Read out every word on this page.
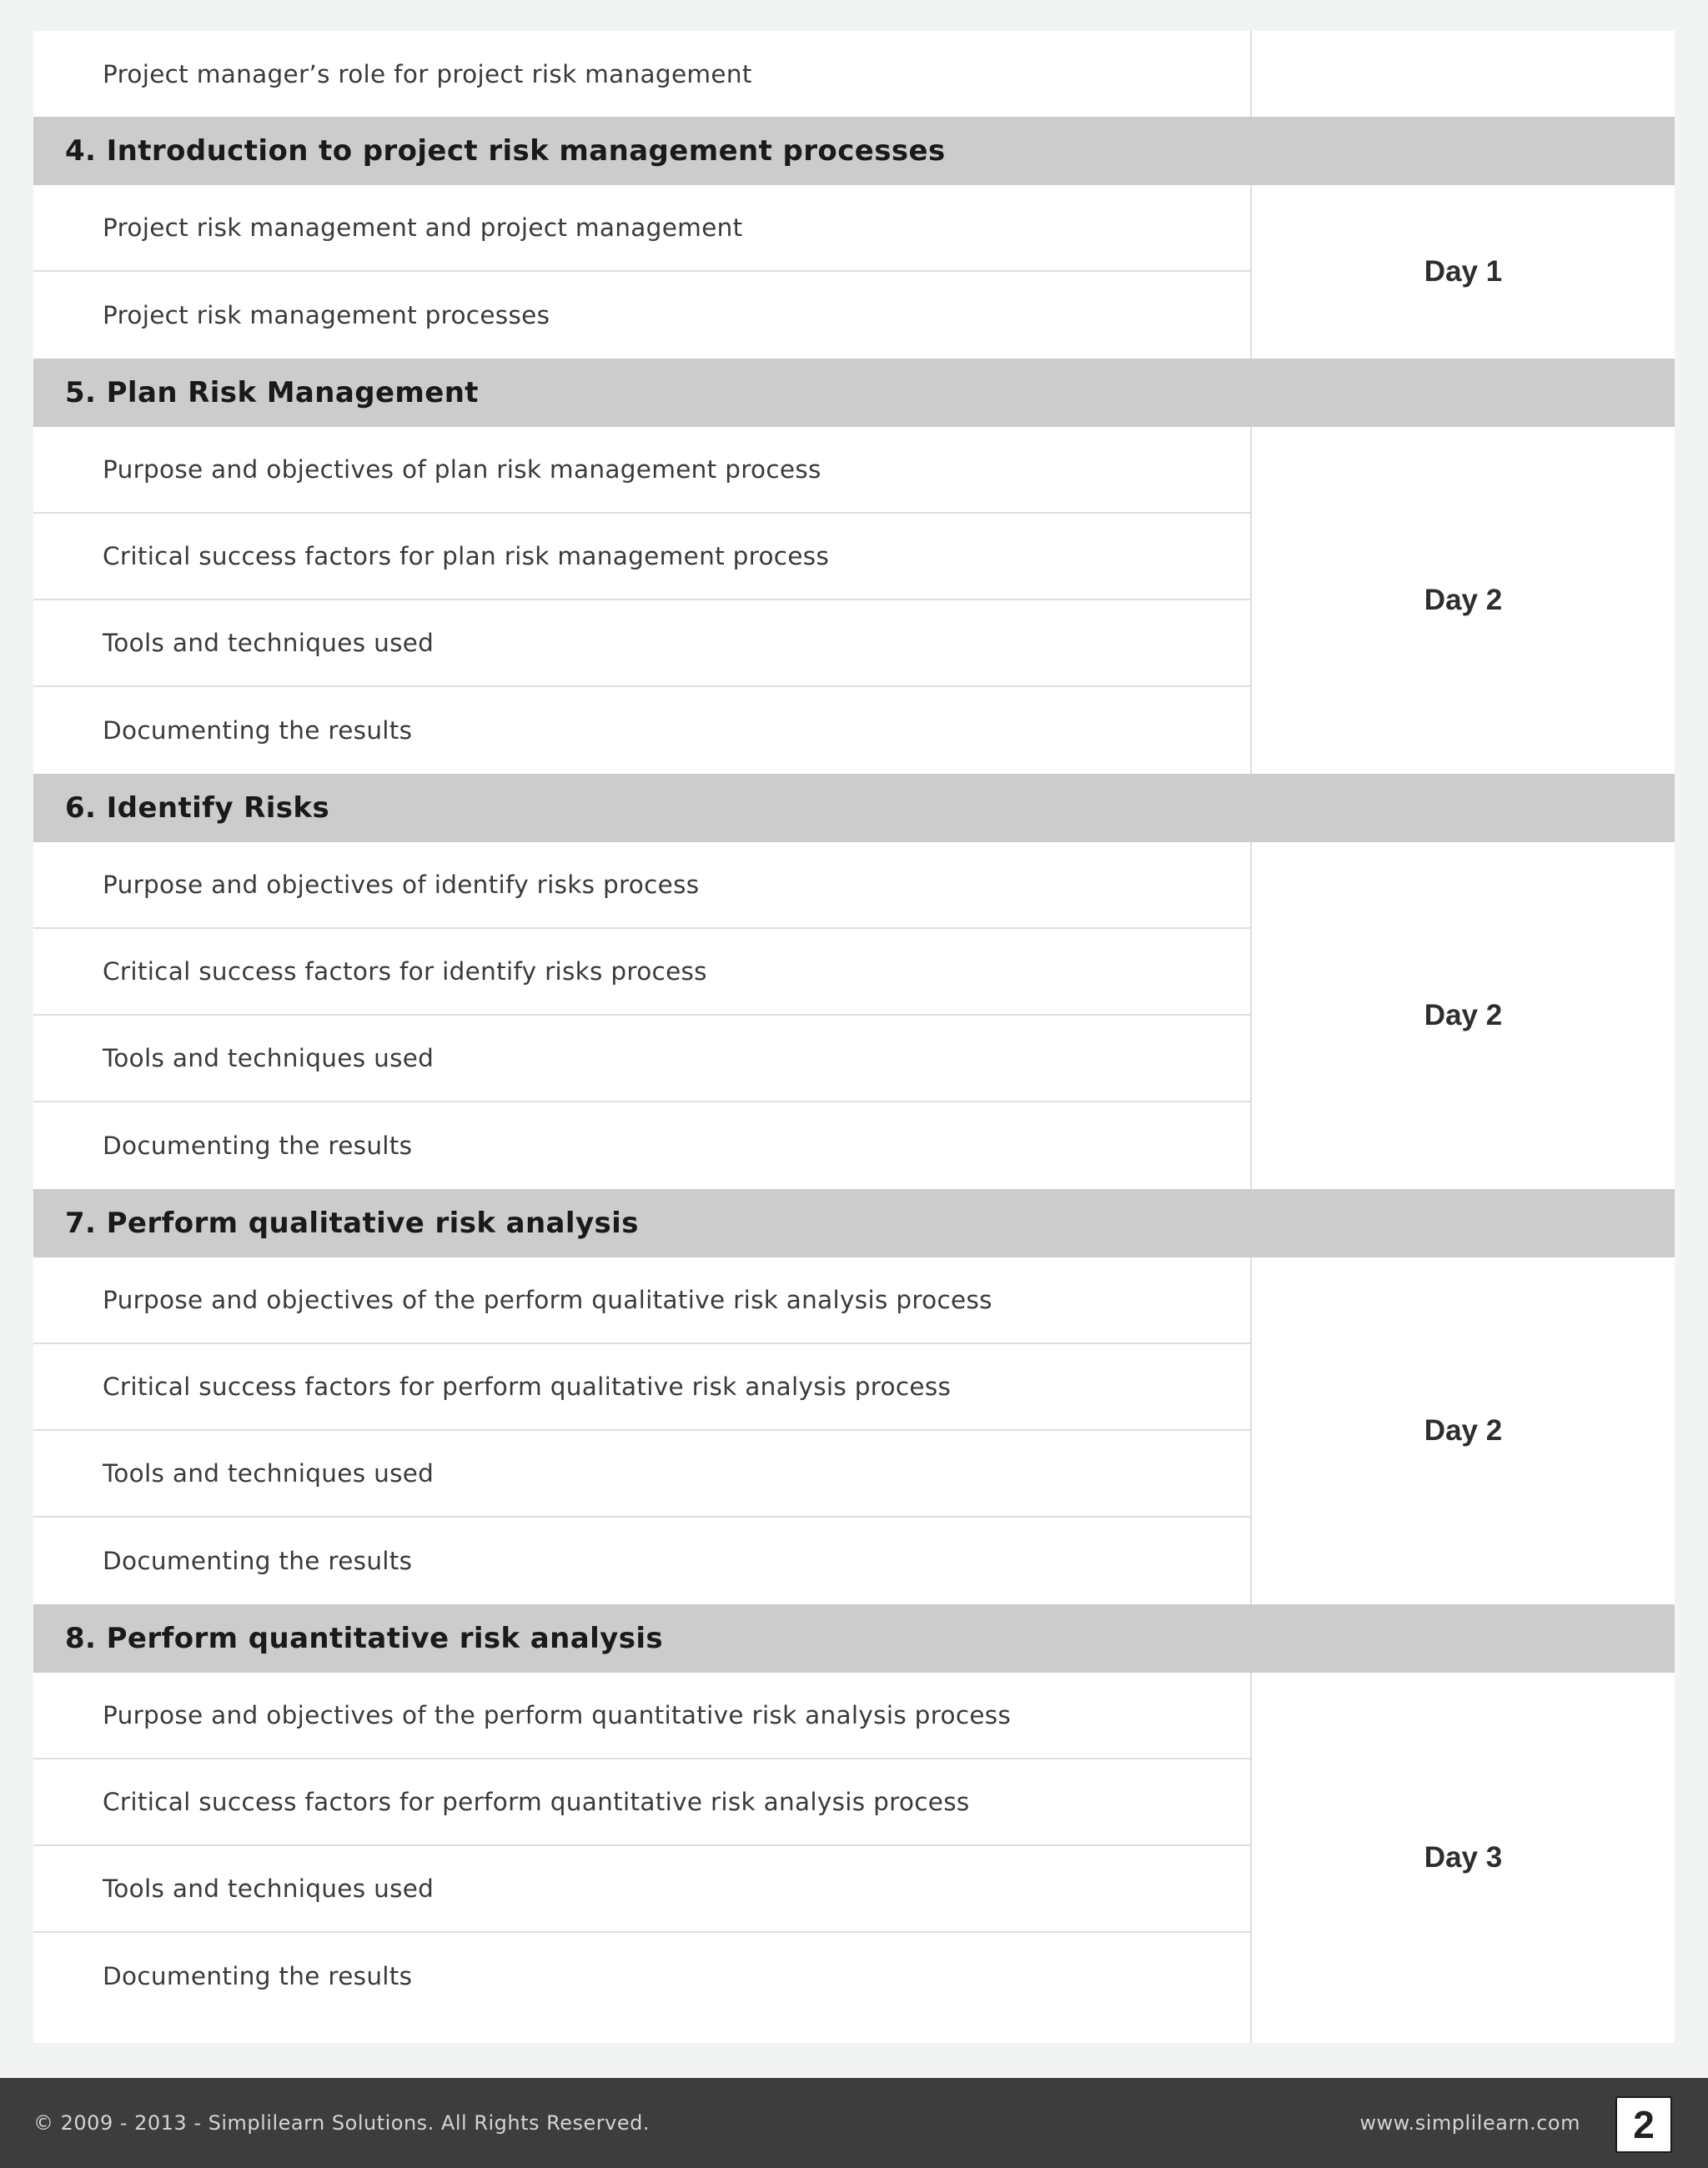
Project manager’s role for project risk management
4. Introduction to project risk management processes
Project risk management and project management
Project risk management processes
Day 1
5. Plan Risk Management
Purpose and objectives of plan risk management process
Critical success factors for plan risk management process
Tools and techniques used
Documenting the results
Day 2
6. Identify Risks
Purpose and objectives of identify risks process
Critical success factors for identify risks process
Tools and techniques used
Documenting the results
Day 2
7. Perform qualitative risk analysis
Purpose and objectives of the perform qualitative risk analysis process
Critical success factors for perform qualitative risk analysis process
Tools and techniques used
Documenting the results
Day 2
8. Perform quantitative risk analysis
Purpose and objectives of the perform quantitative risk analysis process
Critical success factors for perform quantitative risk analysis process
Tools and techniques used
Documenting the results
Day 3
© 2009 - 2013 - Simplilearn Solutions. All Rights Reserved.	www.simplilearn.com	2
